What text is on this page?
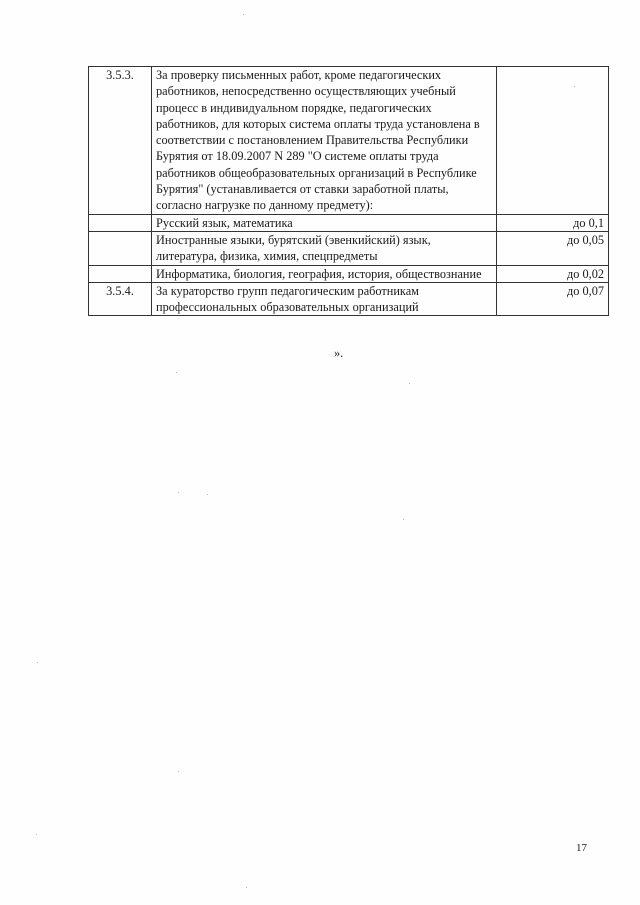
3.5.3.	За проверку письменных работ, кроме педагогических работников, непосредственно осуществляющих учебный процесс в индивидуальном порядке, педагогических работников, для которых система оплаты труда установлена в соответствии с постановлением Правительства Республики Бурятия от 18.09.2007 N 289 "О системе оплаты труда работников общеобразовательных организаций в Республике Бурятия" (устанавливается от ставки заработной платы, согласно нагрузке по данному предмету):	
	Русский язык, математика	до 0,1
	Иностранные языки, бурятский (эвенкийский) язык, литература, физика, химия, спецпредметы	до 0,05
	Информатика, биология, география, история, обществознание	до 0,02
3.5.4.	За кураторство групп педагогическим работникам профессиональных образовательных организаций	до 0,07
».
17
